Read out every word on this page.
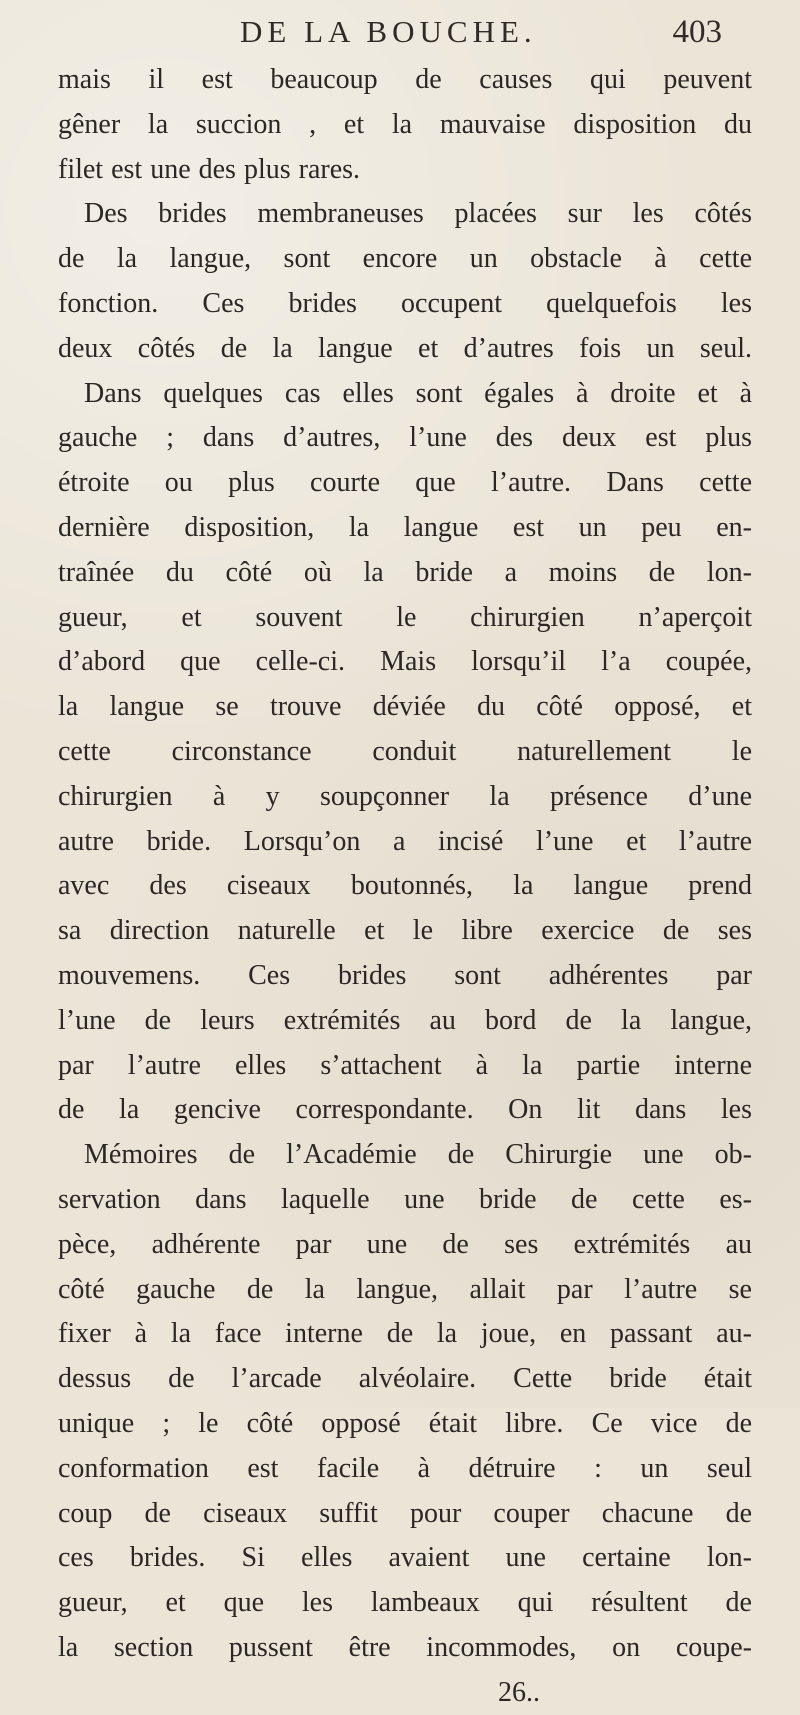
DE LA BOUCHE.	403
mais il est beaucoup de causes qui peuvent
gêner la succion , et la mauvaise disposition du
filet est une des plus rares.
Des brides membraneuses placées sur les côtés
de la langue, sont encore un obstacle à cette
fonction. Ces brides occupent quelquefois les
deux côtés de la langue et d’autres fois un seul.
Dans quelques cas elles sont égales à droite et à
gauche ; dans d’autres, l’une des deux est plus
étroite ou plus courte que l’autre. Dans cette
dernière disposition, la langue est un peu en-
traînée du côté où la bride a moins de lon-
gueur, et souvent le chirurgien n’aperçoit
d’abord que celle-ci. Mais lorsqu’il l’a coupée,
la langue se trouve déviée du côté opposé, et
cette circonstance conduit naturellement le
chirurgien à y soupçonner la présence d’une
autre bride. Lorsqu’on a incisé l’une et l’autre
avec des ciseaux boutonnés, la langue prend
sa direction naturelle et le libre exercice de ses
mouvemens. Ces brides sont adhérentes par
l’une de leurs extrémités au bord de la langue,
par l’autre elles s’attachent à la partie interne
de la gencive correspondante. On lit dans les
Mémoires de l’Académie de Chirurgie une ob-
servation dans laquelle une bride de cette es-
pèce, adhérente par une de ses extrémités au
côté gauche de la langue, allait par l’autre se
fixer à la face interne de la joue, en passant au-
dessus de l’arcade alvéolaire. Cette bride était
unique ; le côté opposé était libre. Ce vice de
conformation est facile à détruire : un seul
coup de ciseaux suffit pour couper chacune de
ces brides. Si elles avaient une certaine lon-
gueur, et que les lambeaux qui résultent de
la section pussent être incommodes, on coupe-
26..
